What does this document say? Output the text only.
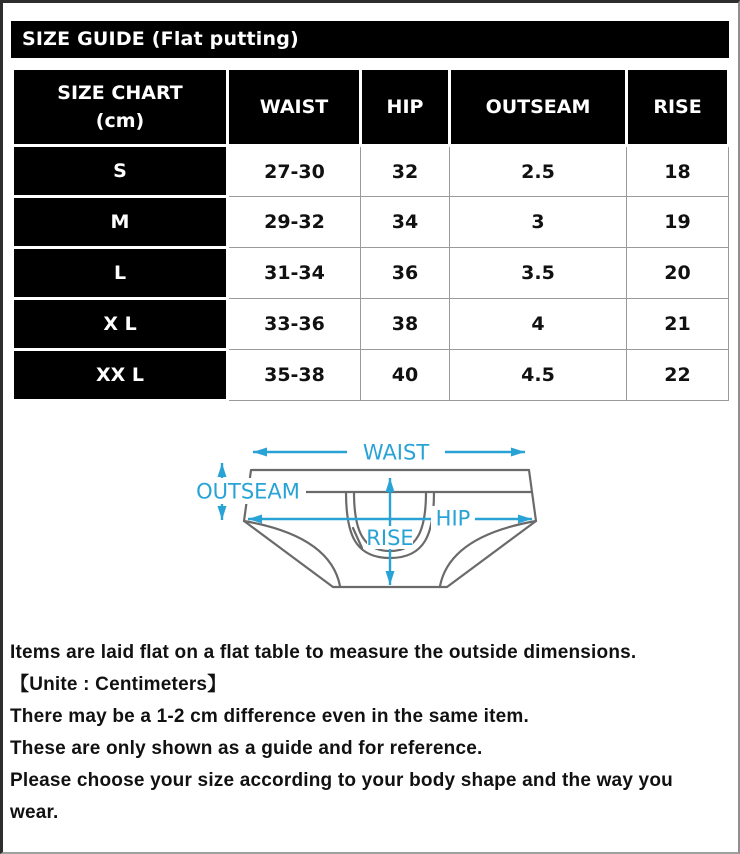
SIZE GUIDE (Flat putting)
SIZE CHART
(cm)	WAIST	HIP	OUTSEAM	RISE
S	27-30	32	2.5	18
M	29-32	34	3	19
L	31-34	36	3.5	20
X L	33-36	38	4	21
XX L	35-38	40	4.5	22
WAIST
OUTSEAM
HIP
RISE

Items are laid flat on a flat table to measure the outside dimensions.

【Unite : Centimeters】

There may be a 1-2 cm difference even in the same item.

These are only shown as a guide and for reference.

Please choose your size according to your body shape and the way you wear.
